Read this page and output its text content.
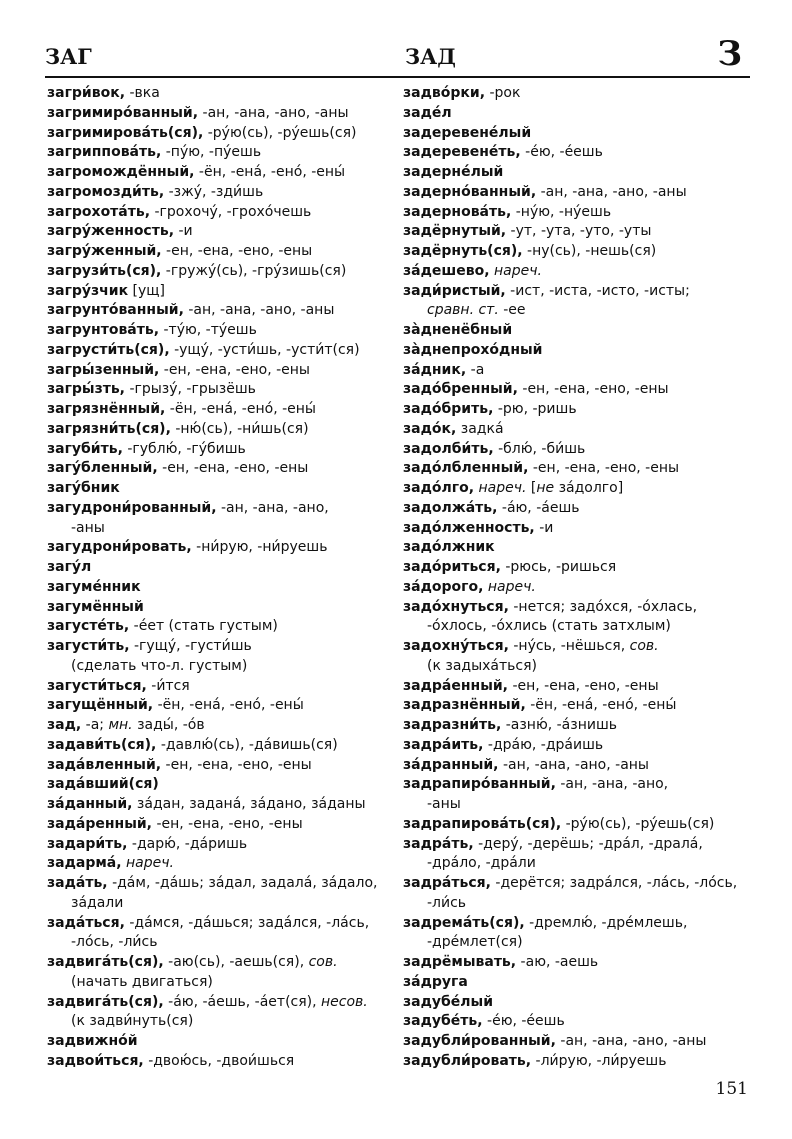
ЗАГ	ЗАД	З
загри́вок, -вка
загримиро́ванный, -ан, -ана, -ано, -аны
загримирова́ть(ся), -ру́ю(сь), -ру́ешь(ся)
загриппова́ть, -пу́ю, -пу́ешь
загромождённый, -ён, -ена́, -ено́, -ены́
загромозди́ть, -зжу́, -зди́шь
загрохота́ть, -грохочу́, -грохо́чешь
загру́женность, -и
загру́женный, -ен, -ена, -ено, -ены
загрузи́ть(ся), -гружу́(сь), -гру́зишь(ся)
загру́зчик [ущ]
загрунто́ванный, -ан, -ана, -ано, -аны
загрунтова́ть, -ту́ю, -ту́ешь
загрусти́ть(ся), -ущу́, -усти́шь, -усти́т(ся)
загры́зенный, -ен, -ена, -ено, -ены
загры́зть, -грызу́, -грызёшь
загрязнённый, -ён, -ена́, -ено́, -ены́
загрязни́ть(ся), -ню́(сь), -ни́шь(ся)
загуби́ть, -гублю́, -гу́бишь
загу́бленный, -ен, -ена, -ено, -ены
загу́бник
загудрони́рованный, -ан, -ана, -ано,
-аны
загудрони́ровать, -ни́рую, -ни́руешь
загу́л
загуме́нник
загумённый
загусте́ть, -е́ет (стать густым)
загусти́ть, -гущу́, -густи́шь
(сделать что-л. густым)
загусти́ться, -и́тся
загущённый, -ён, -ена́, -ено́, -ены́
зад, -а; мн. зады́, -о́в
задави́ть(ся), -давлю́(сь), -да́вишь(ся)
зада́вленный, -ен, -ена, -ено, -ены
зада́вший(ся)
за́данный, за́дан, задана́, за́дано, за́даны
зада́ренный, -ен, -ена, -ено, -ены
задари́ть, -дарю́, -да́ришь
задарма́, нареч.
зада́ть, -да́м, -да́шь; за́дал, задала́, за́дало,
за́дали
зада́ться, -да́мся, -да́шься; зада́лся, -ла́сь,
-ло́сь, -ли́сь
задвига́ть(ся), -аю(сь), -аешь(ся), сов.
(начать двигаться)
задвига́ть(ся), -а́ю, -а́ешь, -а́ет(ся), несов.
(к задви́нуть(ся)
задвижно́й
задвои́ться, -двою́сь, -двои́шься
задво́рки, -рок
заде́л
задеревене́лый
задеревене́ть, -е́ю, -е́ешь
задерне́лый
задерно́ванный, -ан, -ана, -ано, -аны
задернова́ть, -ну́ю, -ну́ешь
задёрнутый, -ут, -ута, -уто, -уты
задёрнуть(ся), -ну(сь), -нешь(ся)
за́дешево, нареч.
зади́ристый, -ист, -иста, -исто, -исты;
сравн. ст. -ее
за̀дненёбный
за̀днепрохо́дный
за́дник, -а
задо́бренный, -ен, -ена, -ено, -ены
задо́брить, -рю, -ришь
задо́к, задка́
задолби́ть, -блю́, -би́шь
задо́лбленный, -ен, -ена, -ено, -ены
задо́лго, нареч. [не за́долго]
задолжа́ть, -а́ю, -а́ешь
задо́лженность, -и
задо́лжник
задо́риться, -рюсь, -ришься
за́дорого, нареч.
задо́хнуться, -нется; задо́хся, -о́хлась,
-о́хлось, -о́хлись (стать затхлым)
задохну́ться, -ну́сь, -нёшься, сов.
(к задыха́ться)
задра́енный, -ен, -ена, -ено, -ены
задразнённый, -ён, -ена́, -ено́, -ены́
задразни́ть, -азню́, -а́знишь
задра́ить, -дра́ю, -дра́ишь
за́дранный, -ан, -ана, -ано, -аны
задрапиро́ванный, -ан, -ана, -ано,
-аны
задрапирова́ть(ся), -ру́ю(сь), -ру́ешь(ся)
задра́ть, -деру́, -дерёшь; -дра́л, -драла́,
-дра́ло, -дра́ли
задра́ться, -дерётся; задра́лся, -ла́сь, -ло́сь,
-ли́сь
задрема́ть(ся), -дремлю́, -дре́млешь,
-дре́млет(ся)
задрёмывать, -аю, -аешь
за́друга
задубе́лый
задубе́ть, -е́ю, -е́ешь
задубли́рованный, -ан, -ана, -ано, -аны
задубли́ровать, -ли́рую, -ли́руешь
151
